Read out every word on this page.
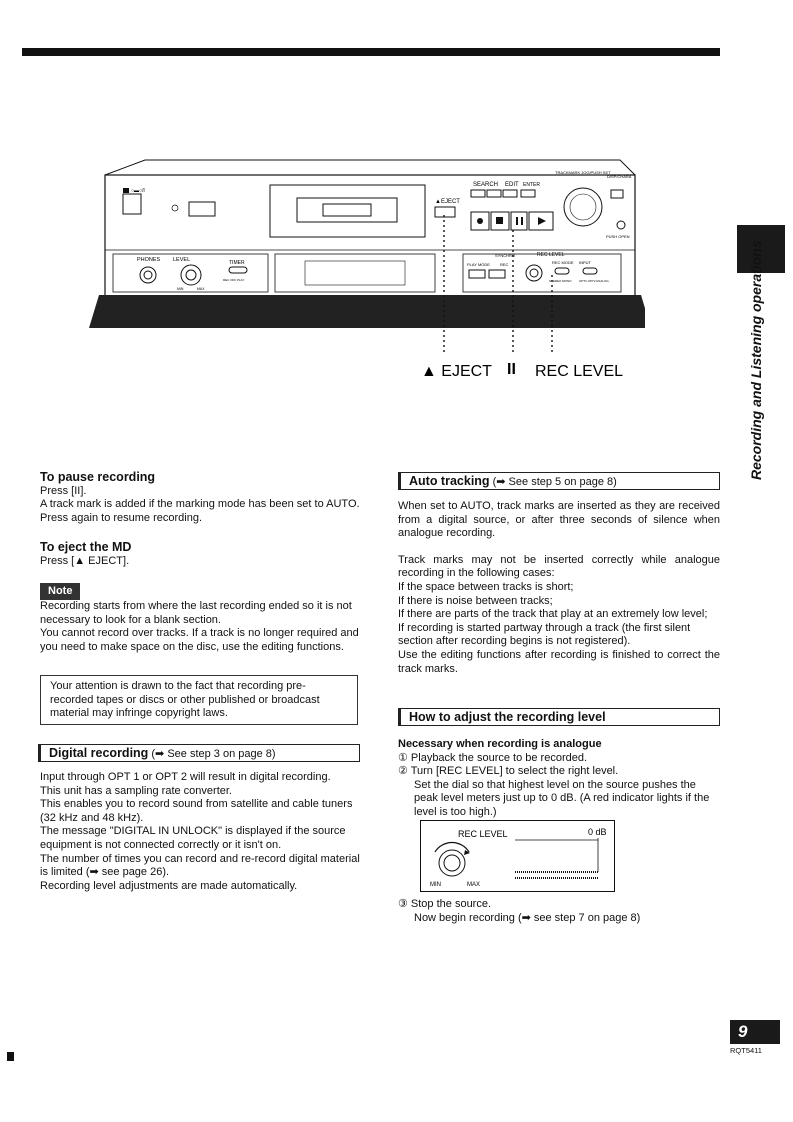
Recording and Listening operations
○▬○/I
▲EJECT
SEARCH EDIT ENTER
TRACKMARK JOG/PUSH SET
DISP/CHARA
PUSH OPEN
PHONES LEVEL
MIN	MAX
TIMER
REC OFF PLAY
SYNCHRO
PLAY MODE	REC
REC LEVEL
REC MODE INPUT
STEREO MONO OPT1 OPT2 ANALOG
▲ EJECT II REC LEVEL
To pause recording

Press [II].

A track mark is added if the marking mode has been set to AUTO.

Press again to resume recording.

To eject the MD

Press [▲ EJECT].

Note

Recording starts from where the last recording ended so it is not necessary to look for a blank section.

You cannot record over tracks. If a track is no longer required and you need to make space on the disc, use the editing functions.

Your attention is drawn to the fact that recording pre-recorded tapes or discs or other published or broadcast material may infringe copyright laws.
Digital recording (➡ See step 3 on page 8)

Input through OPT 1 or OPT 2 will result in digital recording.

This unit has a sampling rate converter.

This enables you to record sound from satellite and cable tuners (32 kHz and 48 kHz).

The message "DIGITAL IN UNLOCK" is displayed if the source equipment is not connected correctly or it isn't on.

The number of times you can record and re-record digital material is limited (➡ see page 26).

Recording level adjustments are made automatically.

Auto tracking (➡ See step 5 on page 8)

When set to AUTO, track marks are inserted as they are received from a digital source, or after three seconds of silence when analogue recording.

Track marks may not be inserted correctly while analogue recording in the following cases:

If the space between tracks is short;

If there is noise between tracks;

If there are parts of the track that play at an extremely low level;

If recording is started partway through a track (the first silent section after recording begins is not registered).

Use the editing functions after recording is finished to correct the track marks.

How to adjust the recording level

Necessary when recording is analogue

① Playback the source to be recorded.

② Turn [REC LEVEL] to select the right level.

Set the dial so that highest level on the source pushes the peak level meters just up to 0 dB. (A red indicator lights if the level is too high.)

REC LEVEL	0 dB
MIN	MAX

③ Stop the source.

Now begin recording (➡ see step 7 on page 8)

9
RQT5411
